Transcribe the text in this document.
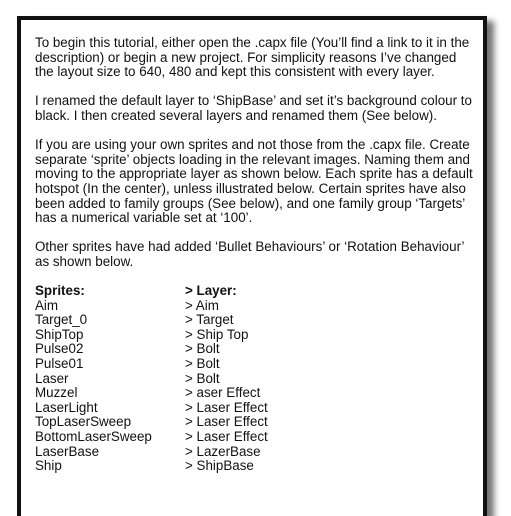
To begin this tutorial, either open the .capx file (You’ll find a link to it in the description) or begin a new project. For simplicity reasons I’ve changed the layout size to 640, 480 and kept this consistent with every layer.

I renamed the default layer to ‘ShipBase’ and set it’s background colour to black. I then created several layers and renamed them (See below).

If you are using your own sprites and not those from the .capx file. Create separate ‘sprite’ objects loading in the relevant images. Naming them and moving to the appropriate layer as shown below. Each sprite has a default hotspot (In the center), unless illustrated below. Certain sprites have also been added to family groups (See below), and one family group ‘Targets’ has a numerical variable set at ‘100’.

Other sprites have had added ‘Bullet Behaviours’ or ‘Rotation Behaviour’ as shown below.

Sprites:	> Layer:
Aim	> Aim
Target_0	> Target
ShipTop	> Ship Top
Pulse02	> Bolt
Pulse01	> Bolt
Laser	> Bolt
Muzzel	> aser Effect
LaserLight	> Laser Effect
TopLaserSweep	> Laser Effect
BottomLaserSweep	> Laser Effect
LaserBase	> LazerBase
Ship	> ShipBase
